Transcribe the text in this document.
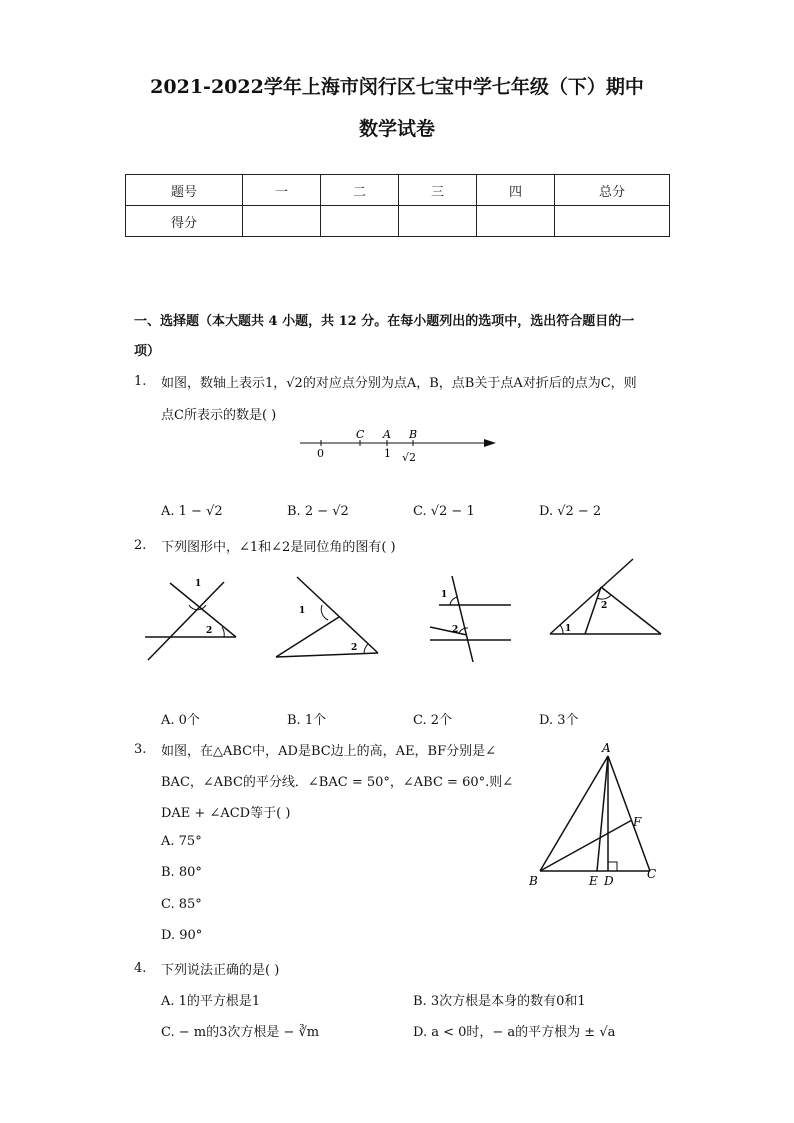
2021-2022学年上海市闵行区七宝中学七年级（下）期中
数学试卷
题号	一	二	三	四	总分
得分					
一、选择题（本大题共 4 小题，共 12 分。在每小题列出的选项中，选出符合题目的一
项）
1. 如图，数轴上表示1，√2的对应点分别为点A，B，点B关于点A对折后的点为C，则
点C所表示的数是( )
C A B
0	1 √2
A. 1 − √2	B. 2 − √2	C. √2 − 1	D. √2 − 2
2. 下列图形中，∠1和∠2是同位角的图有( )
1
2
1
2
1
2	1
2
A. 0个	B. 1个	C. 2个	D. 3个
3. 如图，在△ABC中，AD是BC边上的高，AE，BF分别是∠
BAC，∠ABC的平分线．∠BAC = 50°，∠ABC = 60°.则∠
DAE + ∠ACD等于( )
A. 75°
B. 80°
C. 85°
D. 90°
A
B	C
D
E
F
4. 下列说法正确的是( )
A. 1的平方根是1	B. 3次方根是本身的数有0和1
C. − m的3次方根是 − ∛m	D. a < 0时，− a的平方根为 ± √a
